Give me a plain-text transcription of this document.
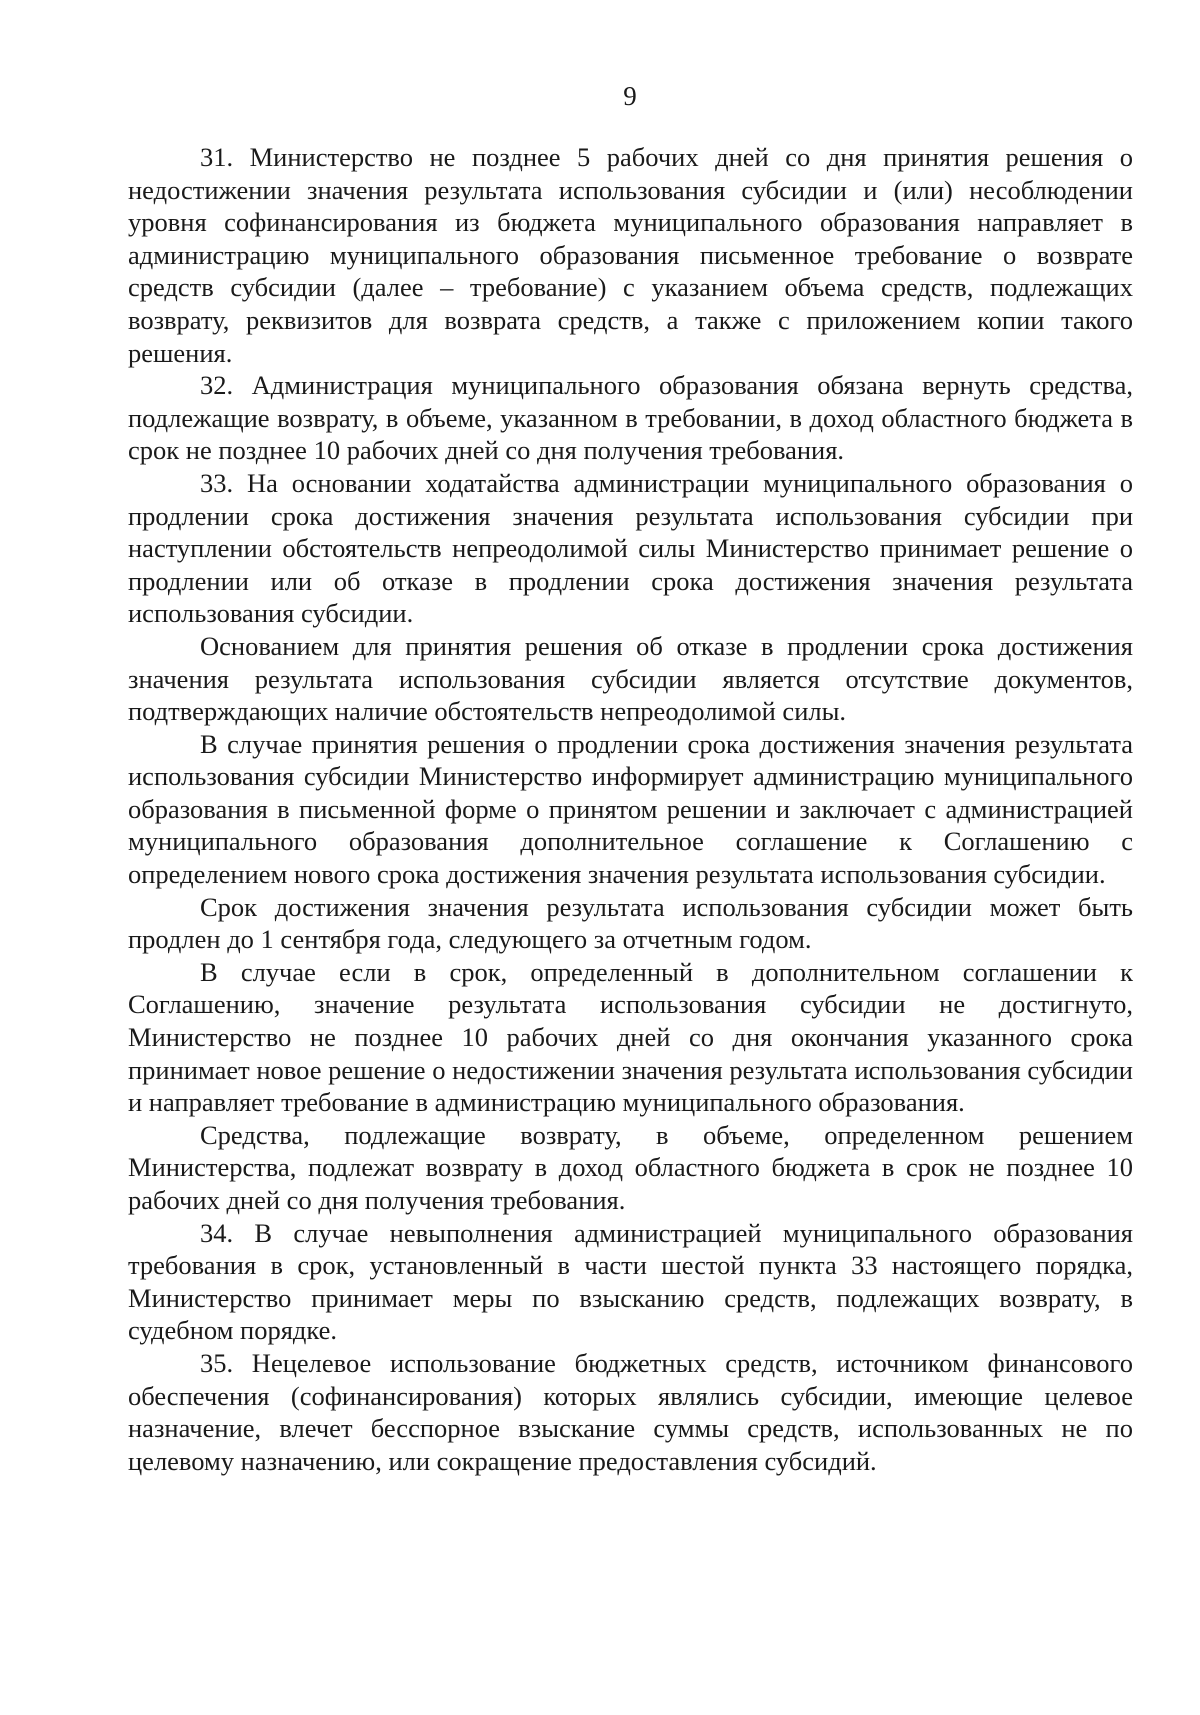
9

31. Министерство не позднее 5 рабочих дней со дня принятия решения о недостижении значения результата использования субсидии и (или) несоблюдении уровня софинансирования из бюджета муниципального образования направляет в администрацию муниципального образования письменное требование о возврате средств субсидии (далее – требование) с указанием объема средств, подлежащих возврату, реквизитов для возврата средств, а также с приложением копии такого решения.

32. Администрация муниципального образования обязана вернуть средства, подлежащие возврату, в объеме, указанном в требовании, в доход областного бюджета в срок не позднее 10 рабочих дней со дня получения требования.

33. На основании ходатайства администрации муниципального образования о продлении срока достижения значения результата использования субсидии при наступлении обстоятельств непреодолимой силы Министерство принимает решение о продлении или об отказе в продлении срока достижения значения результата использования субсидии.

Основанием для принятия решения об отказе в продлении срока достижения значения результата использования субсидии является отсутствие документов, подтверждающих наличие обстоятельств непреодолимой силы.

В случае принятия решения о продлении срока достижения значения результата использования субсидии Министерство информирует администрацию муниципального образования в письменной форме о принятом решении и заключает с администрацией муниципального образования дополнительное соглашение к Соглашению с определением нового срока достижения значения результата использования субсидии.

Срок достижения значения результата использования субсидии может быть продлен до 1 сентября года, следующего за отчетным годом.

В случае если в срок, определенный в дополнительном соглашении к Соглашению, значение результата использования субсидии не достигнуто, Министерство не позднее 10 рабочих дней со дня окончания указанного срока принимает новое решение о недостижении значения результата использования субсидии и направляет требование в администрацию муниципального образования.

Средства, подлежащие возврату, в объеме, определенном решением Министерства, подлежат возврату в доход областного бюджета в срок не позднее 10 рабочих дней со дня получения требования.

34. В случае невыполнения администрацией муниципального образования требования в срок, установленный в части шестой пункта 33 настоящего порядка, Министерство принимает меры по взысканию средств, подлежащих возврату, в судебном порядке.

35. Нецелевое использование бюджетных средств, источником финансового обеспечения (софинансирования) которых являлись субсидии, имеющие целевое назначение, влечет бесспорное взыскание суммы средств, использованных не по целевому назначению, или сокращение предоставления субсидий.
